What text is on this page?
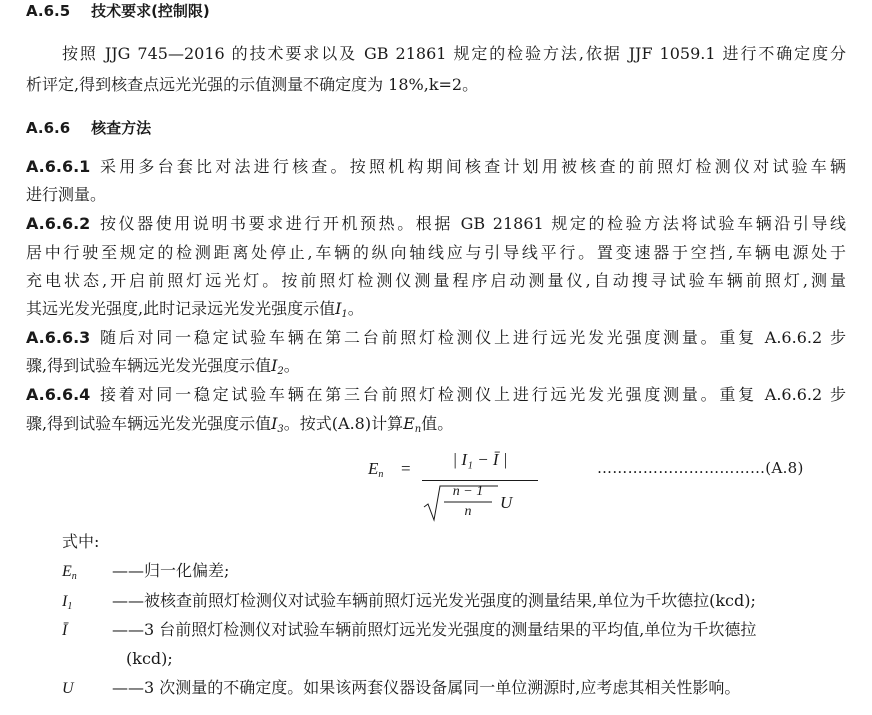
A.6.5 技术要求(控制限)
按照 JJG 745—2016 的技术要求以及 GB 21861 规定的检验方法,依据 JJF 1059.1 进行不确定度分
析评定,得到核查点远光光强的示值测量不确定度为 18%,k=2。
A.6.6 核查方法
A.6.6.1 采用多台套比对法进行核查。按照机构期间核查计划用被核查的前照灯检测仪对试验车辆
进行测量。
A.6.6.2 按仪器使用说明书要求进行开机预热。根据 GB 21861 规定的检验方法将试验车辆沿引导线
居中行驶至规定的检测距离处停止,车辆的纵向轴线应与引导线平行。置变速器于空挡,车辆电源处于
充电状态,开启前照灯远光灯。按前照灯检测仪测量程序启动测量仪,自动搜寻试验车辆前照灯,测量
其远光发光强度,此时记录远光发光强度示值$I_1$。
A.6.6.3 随后对同一稳定试验车辆在第二台前照灯检测仪上进行远光发光强度测量。重复 A.6.6.2 步
骤,得到试验车辆远光发光强度示值$I_2$。
A.6.6.4 接着对同一稳定试验车辆在第三台前照灯检测仪上进行远光发光强度测量。重复 A.6.6.2 步
骤,得到试验车辆远光发光强度示值$I_3$。按式(A.8)计算$E_n$值。
$E_n$ =	| I₁ − Ī |
n − 1
n	U
……………………………(A.8)
式中:
$E_n$ ——归一化偏差;
$I_1$ ——被核查前照灯检测仪对试验车辆前照灯远光发光强度的测量结果,单位为千坎德拉(kcd);
Ī	——3 台前照灯检测仪对试验车辆前照灯远光发光强度的测量结果的平均值,单位为千坎德拉
(kcd);
U ——3 次测量的不确定度。如果该两套仪器设备属同一单位溯源时,应考虑其相关性影响。
